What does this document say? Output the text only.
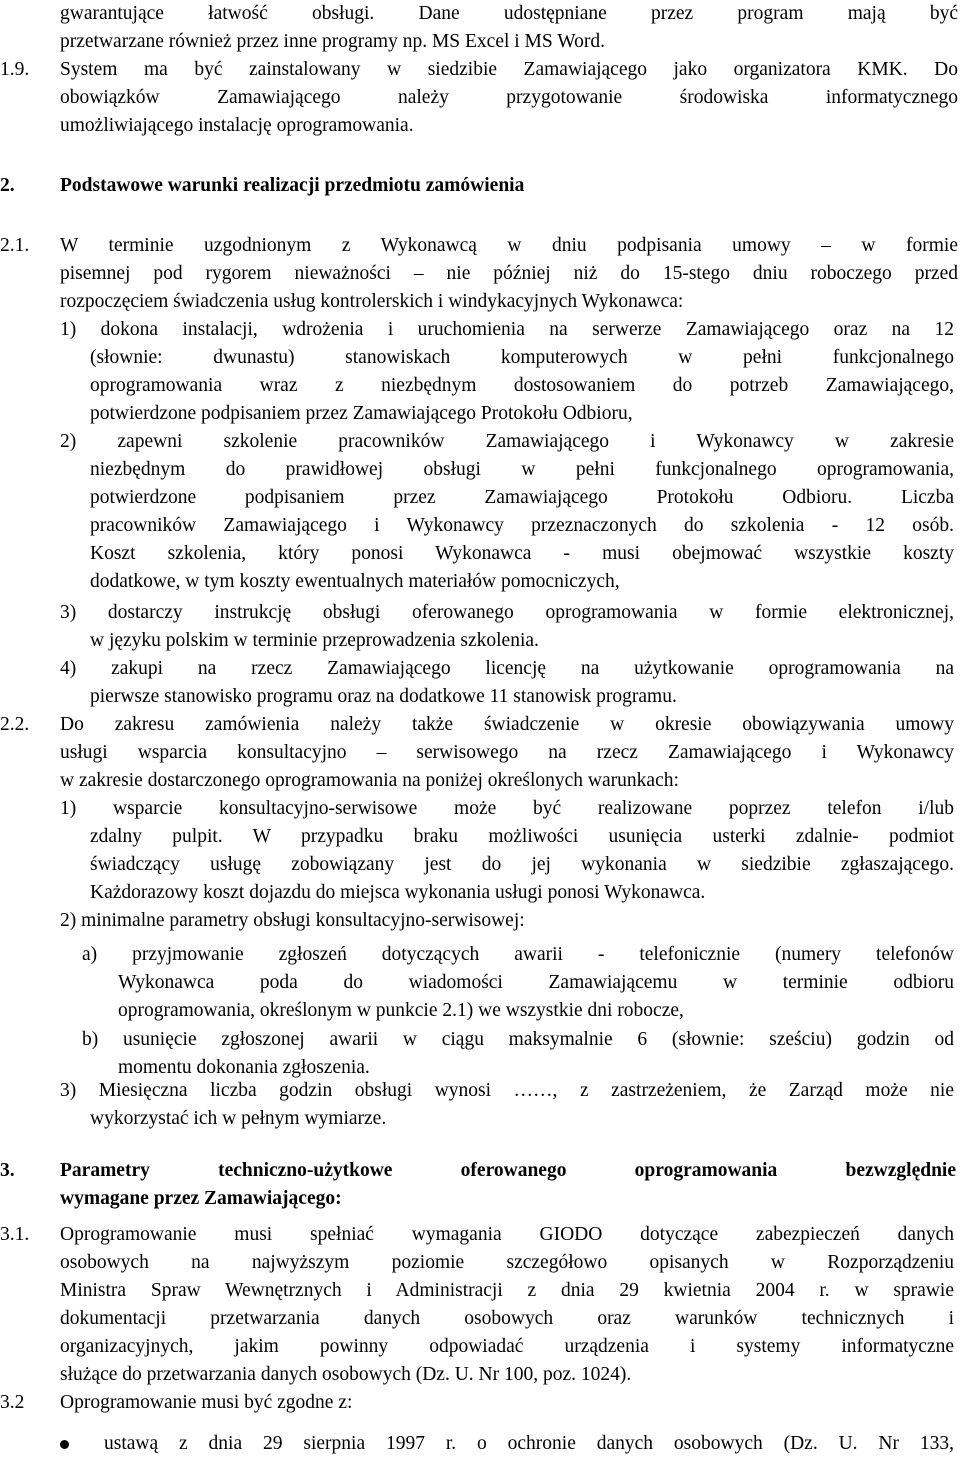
gwarantujące łatwość obsługi. Dane udostępniane przez program mają być
przetwarzane również przez inne programy np. MS Excel i MS Word.
1.9. System ma być zainstalowany w siedzibie Zamawiającego jako organizatora KMK. Do
obowiązków Zamawiającego należy przygotowanie środowiska informatycznego
umożliwiającego instalację oprogramowania.
2. Podstawowe warunki realizacji przedmiotu zamówienia
2.1. W terminie uzgodnionym z Wykonawcą w dniu podpisania umowy – w formie
pisemnej pod rygorem nieważności – nie później niż do 15-stego dniu roboczego przed
rozpoczęciem świadczenia usług kontrolerskich i windykacyjnych Wykonawca:
1) dokona instalacji, wdrożenia i uruchomienia na serwerze Zamawiającego oraz na 12
(słownie: dwunastu) stanowiskach komputerowych w pełni funkcjonalnego
oprogramowania wraz z niezbędnym dostosowaniem do potrzeb Zamawiającego,
potwierdzone podpisaniem przez Zamawiającego Protokołu Odbioru,
2) zapewni szkolenie pracowników Zamawiającego i Wykonawcy w zakresie
niezbędnym do prawidłowej obsługi w pełni funkcjonalnego oprogramowania,
potwierdzone podpisaniem przez Zamawiającego Protokołu Odbioru. Liczba
pracowników Zamawiającego i Wykonawcy przeznaczonych do szkolenia - 12 osób.
Koszt szkolenia, który ponosi Wykonawca - musi obejmować wszystkie koszty
dodatkowe, w tym koszty ewentualnych materiałów pomocniczych,
3) dostarczy instrukcję obsługi oferowanego oprogramowania w formie elektronicznej,
w języku polskim w terminie przeprowadzenia szkolenia.
4) zakupi na rzecz Zamawiającego licencję na użytkowanie oprogramowania na
pierwsze stanowisko programu oraz na dodatkowe 11 stanowisk programu.
2.2. Do zakresu zamówienia należy także świadczenie w okresie obowiązywania umowy
usługi wsparcia konsultacyjno – serwisowego na rzecz Zamawiającego i Wykonawcy
w zakresie dostarczonego oprogramowania na poniżej określonych warunkach:
1) wsparcie konsultacyjno-serwisowe może być realizowane poprzez telefon i/lub
zdalny pulpit. W przypadku braku możliwości usunięcia usterki zdalnie- podmiot
świadczący usługę zobowiązany jest do jej wykonania w siedzibie zgłaszającego.
Każdorazowy koszt dojazdu do miejsca wykonania usługi ponosi Wykonawca.
2) minimalne parametry obsługi konsultacyjno-serwisowej:
a) przyjmowanie zgłoszeń dotyczących awarii - telefonicznie (numery telefonów
Wykonawca poda do wiadomości Zamawiającemu w terminie odbioru
oprogramowania, określonym w punkcie 2.1) we wszystkie dni robocze,
b) usunięcie zgłoszonej awarii w ciągu maksymalnie 6 (słownie: sześciu) godzin od
momentu dokonania zgłoszenia.
3) Miesięczna liczba godzin obsługi wynosi ……, z zastrzeżeniem, że Zarząd może nie
wykorzystać ich w pełnym wymiarze.
3. Parametry techniczno-użytkowe oferowanego oprogramowania bezwzględnie
wymagane przez Zamawiającego:
3.1. Oprogramowanie musi spełniać wymagania GIODO dotyczące zabezpieczeń danych
osobowych na najwyższym poziomie szczegółowo opisanych w Rozporządzeniu
Ministra Spraw Wewnętrznych i Administracji z dnia 29 kwietnia 2004 r. w sprawie
dokumentacji przetwarzania danych osobowych oraz warunków technicznych i
organizacyjnych, jakim powinny odpowiadać urządzenia i systemy informatyczne
służące do przetwarzania danych osobowych (Dz. U. Nr 100, poz. 1024).
3.2 Oprogramowanie musi być zgodne z:
ustawą z dnia 29 sierpnia 1997 r. o ochronie danych osobowych (Dz. U. Nr 133,
